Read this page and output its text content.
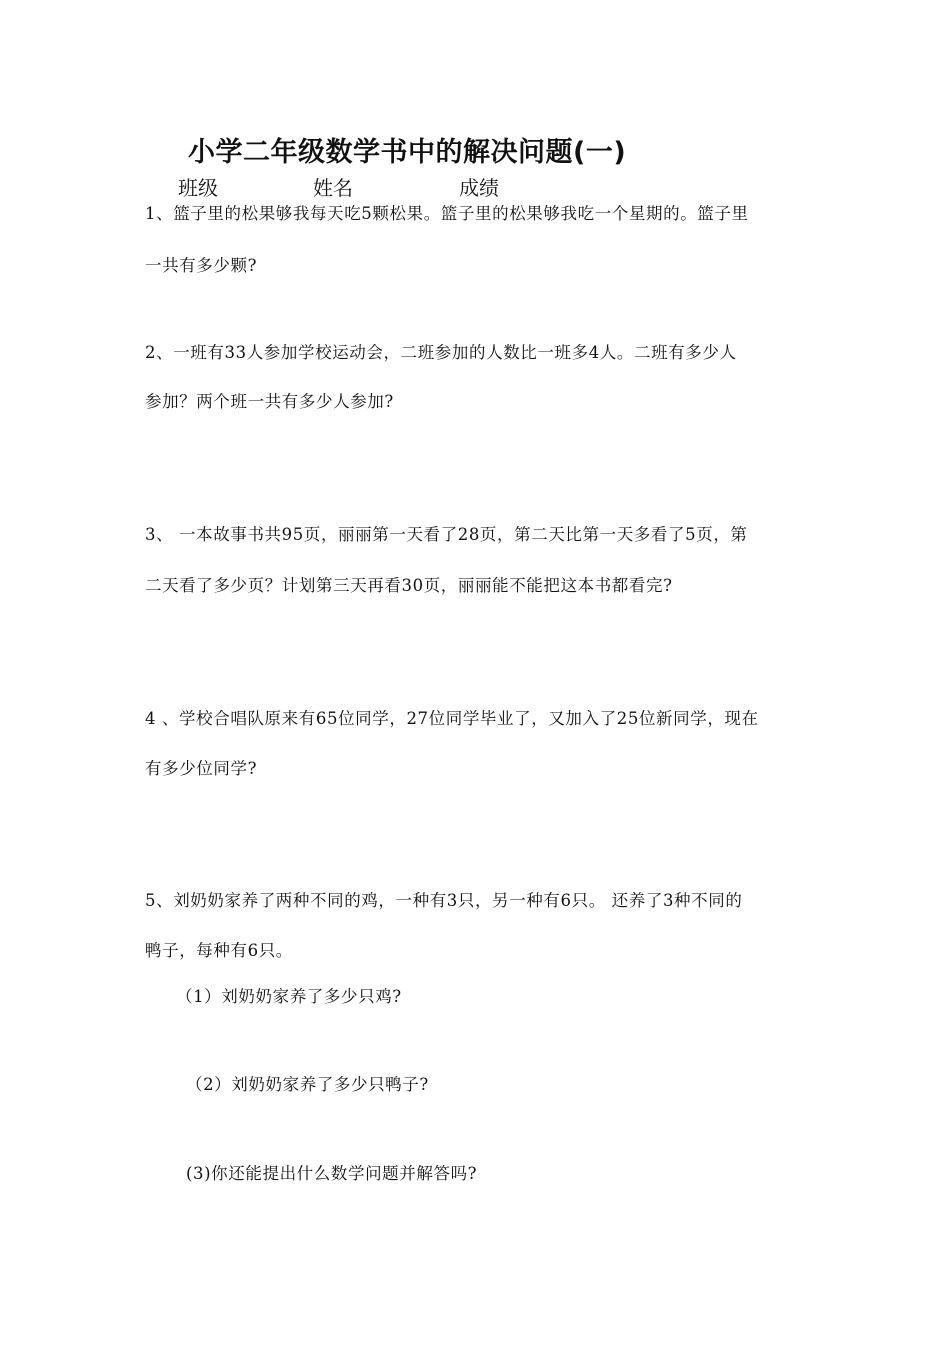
小学二年级数学书中的解决问题(一)
班级	姓名	成绩
1、篮子里的松果够我每天吃5颗松果。篮子里的松果够我吃一个星期的。篮子里
一共有多少颗?
2、一班有33人参加学校运动会，二班参加的人数比一班多4人。二班有多少人
参加？两个班一共有多少人参加?
3、 一本故事书共95页，丽丽第一天看了28页，第二天比第一天多看了5页，第
二天看了多少页？计划第三天再看30页，丽丽能不能把这本书都看完?
4 、学校合唱队原来有65位同学，27位同学毕业了，又加入了25位新同学，现在
有多少位同学?
5、刘奶奶家养了两种不同的鸡，一种有3只，另一种有6只。 还养了3种不同的
鸭子，每种有6只。
（1）刘奶奶家养了多少只鸡?
（2）刘奶奶家养了多少只鸭子?
(3)你还能提出什么数学问题并解答吗?
